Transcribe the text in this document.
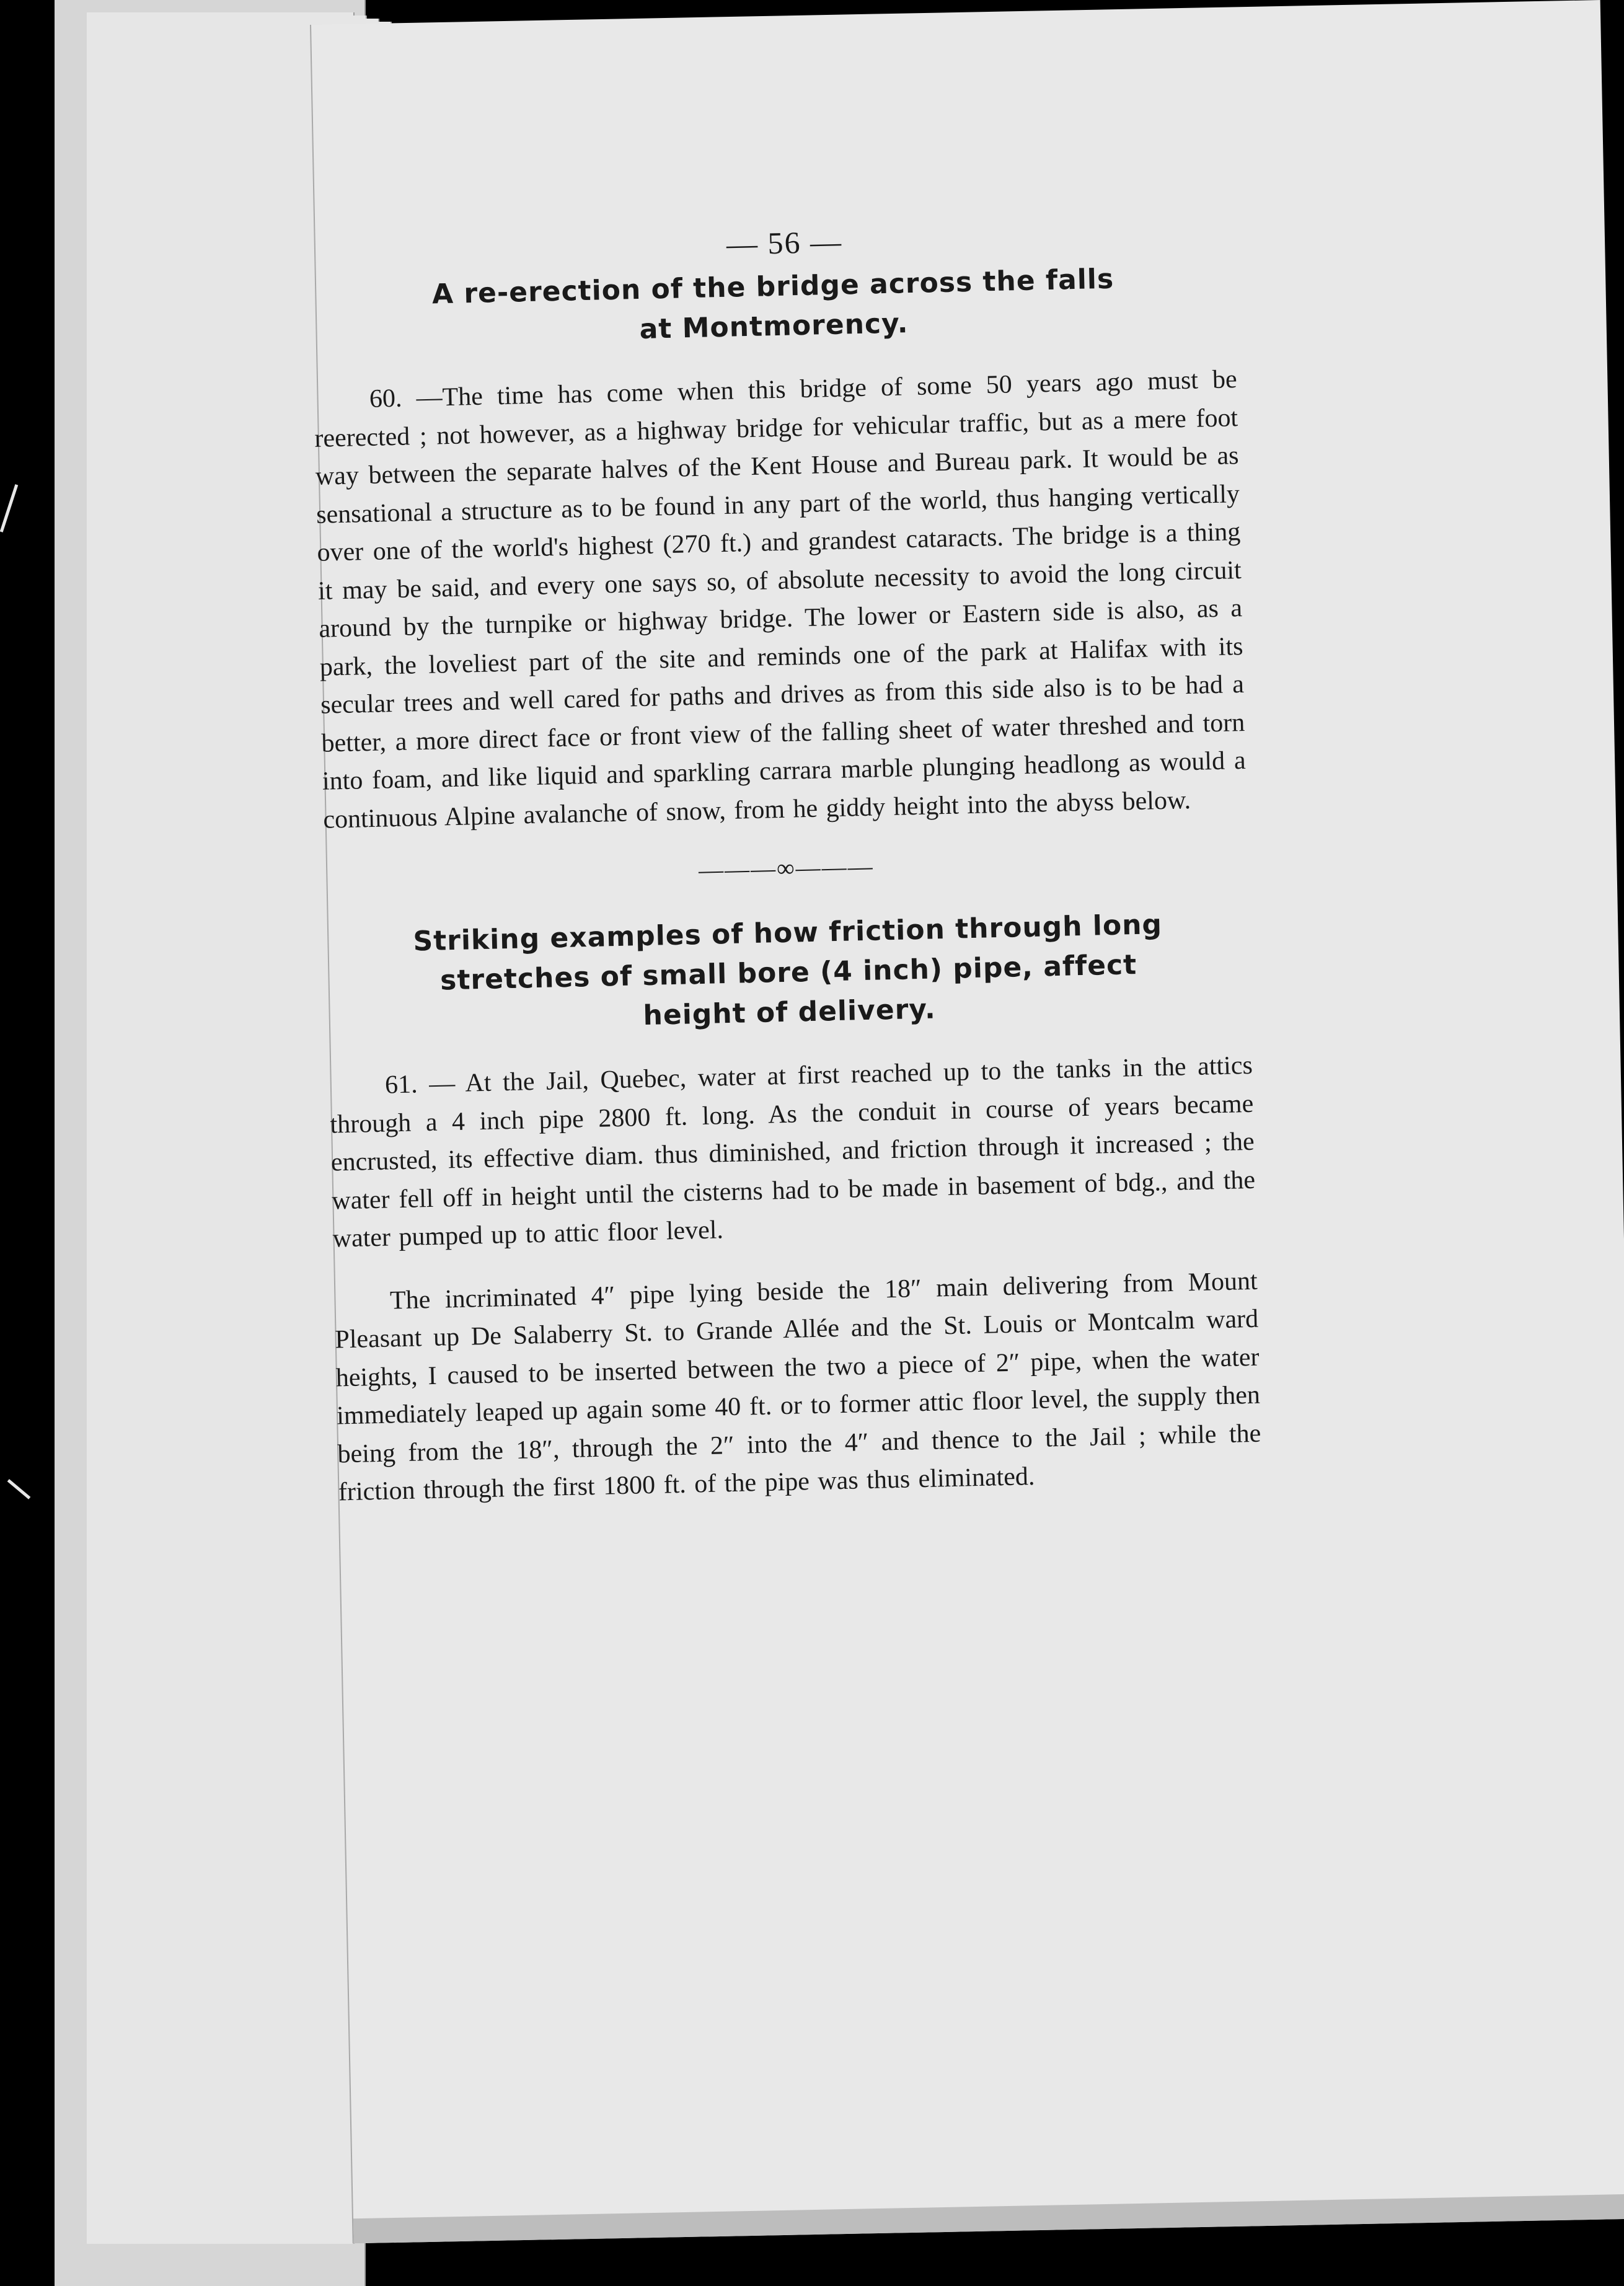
— 56 —
A re-erection of the bridge across the falls
at Montmorency.

60. —The time has come when this bridge of some 50 years ago must be reerected ; not however, as a highway bridge for vehicular traffic, but as a mere foot way between the separate halves of the Kent House and Bureau park. It would be as sensational a structure as to be found in any part of the world, thus hanging vertically over one of the world's highest (270 ft.) and grandest cataracts. The bridge is a thing it may be said, and every one says so, of absolute necessity to avoid the long circuit around by the turnpike or highway bridge. The lower or Eastern side is also, as a park, the loveliest part of the site and reminds one of the park at Halifax with its secular trees and well cared for paths and drives as from this side also is to be had a better, a more direct face or front view of the falling sheet of water threshed and torn into foam, and like liquid and sparkling carrara marble plunging headlong as would a continuous Alpine avalanche of snow, from he giddy height into the abyss below.

———∞———
Striking examples of how friction through long
stretches of small bore (4 inch) pipe, affect
height of delivery.

61. — At the Jail, Quebec, water at first reached up to the tanks in the attics through a 4 inch pipe 2800 ft. long. As the conduit in course of years became encrusted, its effective diam. thus diminished, and friction through it increased ; the water fell off in height until the cisterns had to be made in basement of bdg., and the water pumped up to attic floor level.

The incriminated 4″ pipe lying beside the 18″ main delivering from Mount Pleasant up De Salaberry St. to Grande Allée and the St. Louis or Montcalm ward heights, I caused to be inserted between the two a piece of 2″ pipe, when the water immediately leaped up again some 40 ft. or to former attic floor level, the supply then being from the 18″, through the 2″ into the 4″ and thence to the Jail ; while the friction through the first 1800 ft. of the pipe was thus eliminated.
